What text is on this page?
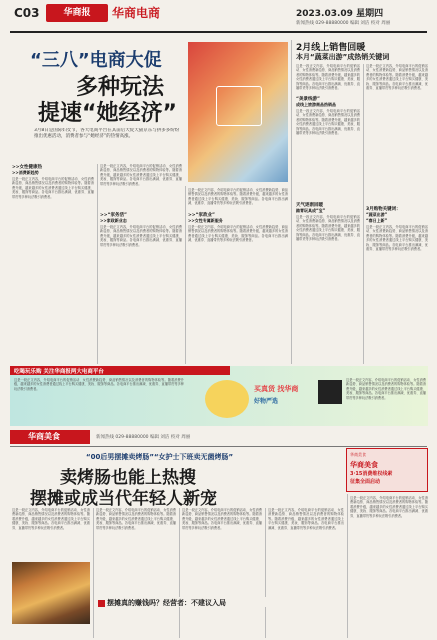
C03	华商报	华商电商	2023.03.09 星期四
新闻热线 029-88880000 编辑 刘洁 校对 周丽
“三八”电商大促
多种玩法
提速“她经济”
3月8日是国际妇女节，各大电商平台在其前后大促天猫京东与拼多多纷纷推出优惠活动，消费者参与“她经济”的热情高涨。
>>女性健康热
>>消费新趋势
这是一段正文内容，介绍电商平台的促销活动、女性消费新趋势、商品销售情况以及消费者的购物体验等。随着消费升级，越来越多的女性消费者通过线上平台购买健康、美妆、服饰等商品。各电商平台推出满减、优惠券、直播带货等多种玩法吸引消费者。
这是一段正文内容，介绍电商平台的促销活动、女性消费新趋势、商品销售情况以及消费者的购物体验等。随着消费升级，越来越多的女性消费者通过线上平台购买健康、美妆、服饰等商品。各电商平台推出满减、优惠券、直播带货等多种玩法吸引消费者。
>>“家务活”
>>家政新业态
这是一段正文内容，介绍电商平台的促销活动、女性消费新趋势、商品销售情况以及消费者的购物体验等。随着消费升级，越来越多的女性消费者通过线上平台购买健康、美妆、服饰等商品。各电商平台推出满减、优惠券、直播带货等多种玩法吸引消费者。
这是一段正文内容，介绍电商平台的促销活动、女性消费新趋势、商品销售情况以及消费者的购物体验等。随着消费升级，越来越多的女性消费者通过线上平台购买健康、美妆、服饰等商品。各电商平台推出满减、优惠券、直播带货等多种玩法吸引消费者。
>>“家政业”
>>女性专属新服务
这是一段正文内容，介绍电商平台的促销活动、女性消费新趋势、商品销售情况以及消费者的购物体验等。随着消费升级，越来越多的女性消费者通过线上平台购买健康、美妆、服饰等商品。各电商平台推出满减、优惠券、直播带货等多种玩法吸引消费者。
2月线上销售回暖
本月“蔬菜出游”成热销关键词
这是一段正文内容，介绍电商平台的促销活动、女性消费新趋势、商品销售情况以及消费者的购物体验等。随着消费升级，越来越多的女性消费者通过线上平台购买健康、美妆、服饰等商品。各电商平台推出满减、优惠券、直播带货等多种玩法吸引消费者。
“美景线游”
成线上旅游商品热销品
这是一段正文内容，介绍电商平台的促销活动、女性消费新趋势、商品销售情况以及消费者的购物体验等。随着消费升级，越来越多的女性消费者通过线上平台购买健康、美妆、服饰等商品。各电商平台推出满减、优惠券、直播带货等多种玩法吸引消费者。
天气逐渐回暖
踏青玩具成“宝”
这是一段正文内容，介绍电商平台的促销活动、女性消费新趋势、商品销售情况以及消费者的购物体验等。随着消费升级，越来越多的女性消费者通过线上平台购买健康、美妆、服饰等商品。各电商平台推出满减、优惠券、直播带货等多种玩法吸引消费者。
这是一段正文内容，介绍电商平台的促销活动、女性消费新趋势、商品销售情况以及消费者的购物体验等。随着消费升级，越来越多的女性消费者通过线上平台购买健康、美妆、服饰等商品。各电商平台推出满减、优惠券、直播带货等多种玩法吸引消费者。
3月购物关键词：
“蔬菜出游”
“春日上新”
这是一段正文内容，介绍电商平台的促销活动、女性消费新趋势、商品销售情况以及消费者的购物体验等。随着消费升级，越来越多的女性消费者通过线上平台购买健康、美妆、服饰等商品。各电商平台推出满减、优惠券、直播带货等多种玩法吸引消费者。
吃喝玩乐购 关注华商报两大电商平台
这是一段正文内容，介绍电商平台的促销活动、女性消费新趋势、商品销售情况以及消费者的购物体验等。随着消费升级，越来越多的女性消费者通过线上平台购买健康、美妆、服饰等商品。各电商平台推出满减、优惠券、直播带货等多种玩法吸引消费者。	买真货 找华商
好物严选
这是一段正文内容，介绍电商平台的促销活动、女性消费新趋势、商品销售情况以及消费者的购物体验等。随着消费升级，越来越多的女性消费者通过线上平台购买健康、美妆、服饰等商品。各电商平台推出满减、优惠券、直播带货等多种玩法吸引消费者。
华商美食	新闻热线 029-88880000 编辑 刘洁 校对 周丽
“00后男摆摊卖烤肠”“女护士下班卖无菌烤肠”
卖烤肠也能上热搜
摆摊或成当代年轻人新宠
华商美食
华商美食
3·15消费维权线索
征集全面启动
这是一段正文内容，介绍电商平台的促销活动、女性消费新趋势、商品销售情况以及消费者的购物体验等。随着消费升级，越来越多的女性消费者通过线上平台购买健康、美妆、服饰等商品。各电商平台推出满减、优惠券、直播带货等多种玩法吸引消费者。
这是一段正文内容，介绍电商平台的促销活动、女性消费新趋势、商品销售情况以及消费者的购物体验等。随着消费升级，越来越多的女性消费者通过线上平台购买健康、美妆、服饰等商品。各电商平台推出满减、优惠券、直播带货等多种玩法吸引消费者。
这是一段正文内容，介绍电商平台的促销活动、女性消费新趋势、商品销售情况以及消费者的购物体验等。随着消费升级，越来越多的女性消费者通过线上平台购买健康、美妆、服饰等商品。各电商平台推出满减、优惠券、直播带货等多种玩法吸引消费者。
这是一段正文内容，介绍电商平台的促销活动、女性消费新趋势、商品销售情况以及消费者的购物体验等。随着消费升级，越来越多的女性消费者通过线上平台购买健康、美妆、服饰等商品。各电商平台推出满减、优惠券、直播带货等多种玩法吸引消费者。
这是一段正文内容，介绍电商平台的促销活动、女性消费新趋势、商品销售情况以及消费者的购物体验等。随着消费升级，越来越多的女性消费者通过线上平台购买健康、美妆、服饰等商品。各电商平台推出满减、优惠券、直播带货等多种玩法吸引消费者。
摆摊真的赚钱吗？经营者：不建议入局
